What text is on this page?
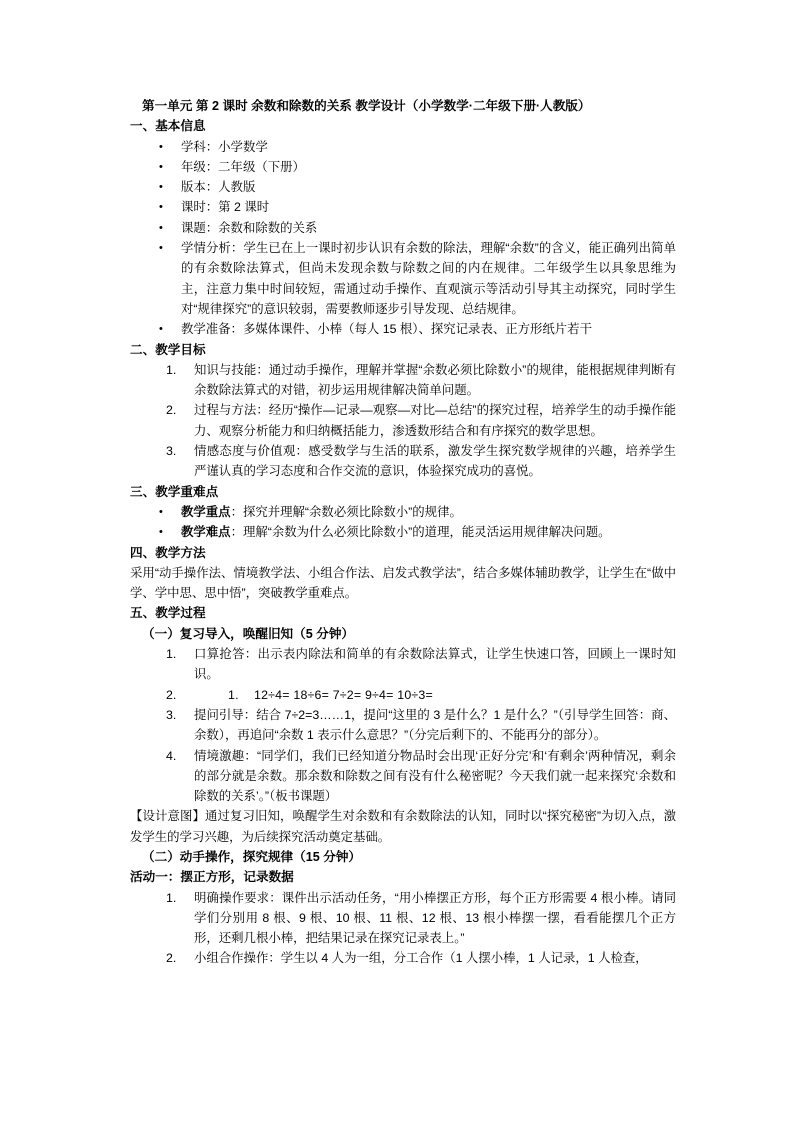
第一单元 第 2 课时 余数和除数的关系 教学设计（小学数学·二年级下册·人教版）

一、基本信息

• 学科：小学数学
• 年级：二年级（下册）
• 版本：人教版
• 课时：第 2 课时
• 课题：余数和除数的关系
• 学情分析：学生已在上一课时初步认识有余数的除法，理解“余数”的含义，能正确列出简单的有余数除法算式，但尚未发现余数与除数之间的内在规律。二年级学生以具象思维为主，注意力集中时间较短，需通过动手操作、直观演示等活动引导其主动探究，同时学生对“规律探究”的意识较弱，需要教师逐步引导发现、总结规律。
• 教学准备：多媒体课件、小棒（每人 15 根）、探究记录表、正方形纸片若干

二、教学目标

知识与技能：通过动手操作，理解并掌握“余数必须比除数小”的规律，能根据规律判断有余数除法算式的对错，初步运用规律解决简单问题。
过程与方法：经历“操作—记录—观察—对比—总结”的探究过程，培养学生的动手操作能力、观察分析能力和归纳概括能力，渗透数形结合和有序探究的数学思想。
情感态度与价值观：感受数学与生活的联系，激发学生探究数学规律的兴趣，培养学生严谨认真的学习态度和合作交流的意识，体验探究成功的喜悦。

三、教学重难点

• 教学重点：探究并理解“余数必须比除数小”的规律。
• 教学难点：理解“余数为什么必须比除数小”的道理，能灵活运用规律解决问题。

四、教学方法

采用“动手操作法、情境教学法、小组合作法、启发式教学法”，结合多媒体辅助教学，让学生在“做中学、学中思、思中悟”，突破教学重难点。

五、教学过程

（一）复习导入，唤醒旧知（5 分钟）

口算抢答：出示表内除法和简单的有余数除法算式，让学生快速口答，回顾上一课时知识。
12÷4= 18÷6= 7÷2= 9÷4= 10÷3=
提问引导：结合 7÷2=3……1，提问“这里的 3 是什么？1 是什么？”（引导学生回答：商、余数），再追问“余数 1 表示什么意思？”（分完后剩下的、不能再分的部分）。
情境激趣：“同学们，我们已经知道分物品时会出现‘正好分完’和‘有剩余’两种情况，剩余的部分就是余数。那余数和除数之间有没有什么秘密呢？今天我们就一起来探究‘余数和除数的关系’。”（板书课题）

【设计意图】通过复习旧知，唤醒学生对余数和有余数除法的认知，同时以“探究秘密”为切入点，激发学生的学习兴趣，为后续探究活动奠定基础。

（二）动手操作，探究规律（15 分钟）

活动一：摆正方形，记录数据

明确操作要求：课件出示活动任务，“用小棒摆正方形，每个正方形需要 4 根小棒。请同学们分别用 8 根、9 根、10 根、11 根、12 根、13 根小棒摆一摆，看看能摆几个正方形，还剩几根小棒，把结果记录在探究记录表上。”
小组合作操作：学生以 4 人为一组，分工合作（1 人摆小棒，1 人记录，1 人检查，
